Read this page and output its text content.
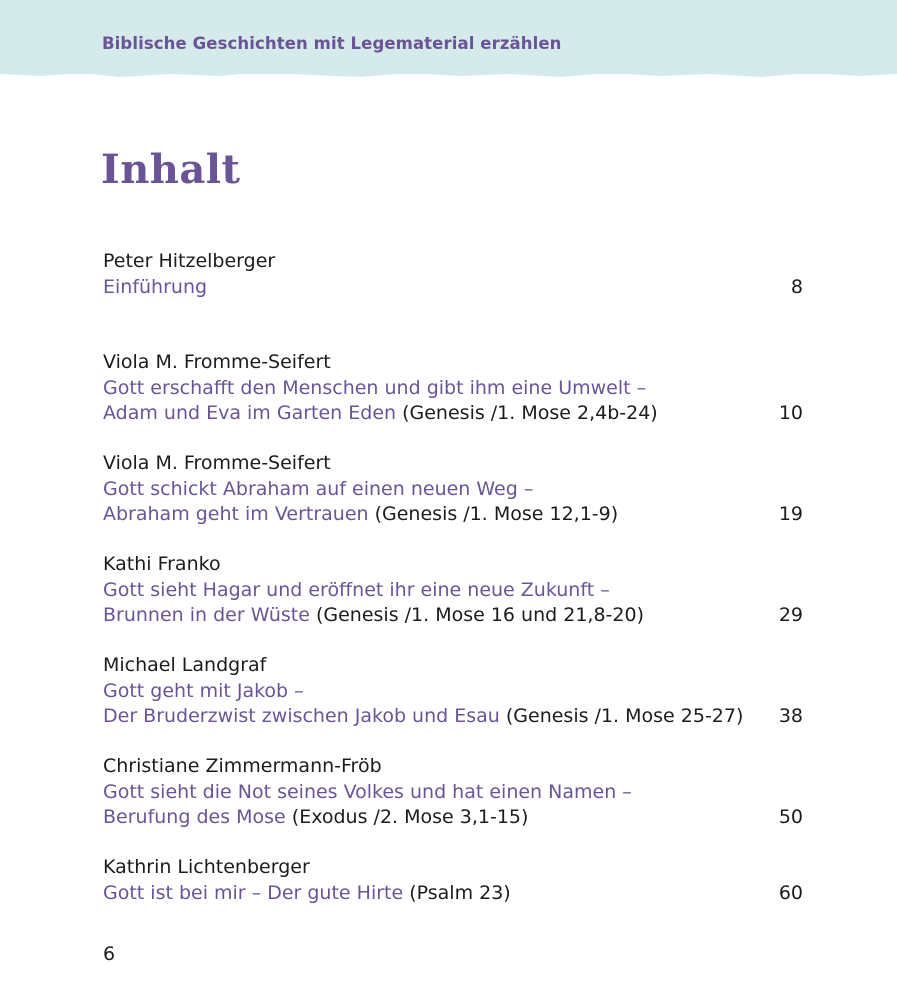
Biblische Geschichten mit Legematerial erzählen
Inhalt
Peter Hitzelberger
Einführung	8
Viola M. Fromme-Seifert
Gott erschafft den Menschen und gibt ihm eine Umwelt –
Adam und Eva im Garten Eden (Genesis /1. Mose 2,4b-24)	10
Viola M. Fromme-Seifert
Gott schickt Abraham auf einen neuen Weg –
Abraham geht im Vertrauen (Genesis /1. Mose 12,1-9)	19
Kathi Franko
Gott sieht Hagar und eröffnet ihr eine neue Zukunft –
Brunnen in der Wüste (Genesis /1. Mose 16 und 21,8-20)	29
Michael Landgraf
Gott geht mit Jakob –
Der Bruderzwist zwischen Jakob und Esau (Genesis /1. Mose 25-27)	38
Christiane Zimmermann-Fröb
Gott sieht die Not seines Volkes und hat einen Namen –
Berufung des Mose (Exodus /2. Mose 3,1-15)	50
Kathrin Lichtenberger
Gott ist bei mir – Der gute Hirte (Psalm 23)	60
6
